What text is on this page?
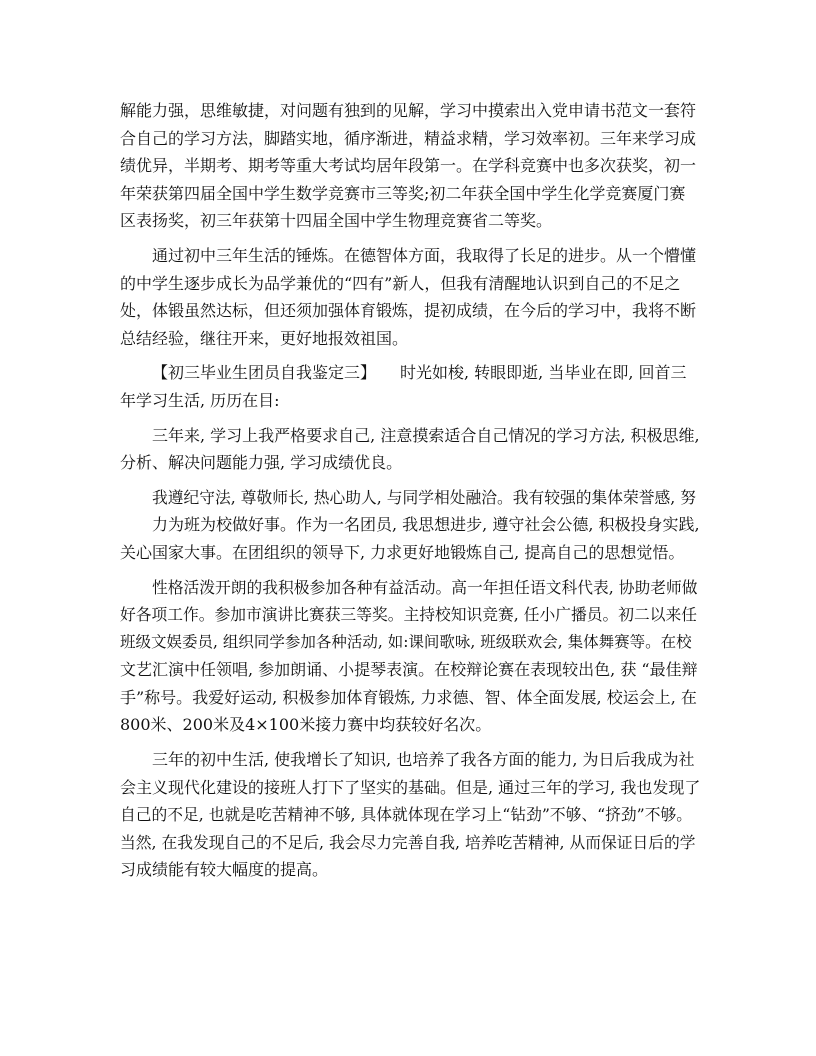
解能力强，思维敏捷，对问题有独到的见解，学习中摸索出入党申请书范文一套符
合自己的学习方法，脚踏实地，循序渐进，精益求精，学习效率初。三年来学习成
绩优异，半期考、期考等重大考试均居年段第一。在学科竞赛中也多次获奖，初一
年荣获第四届全国中学生数学竞赛市三等奖;初二年获全国中学生化学竞赛厦门赛
区表扬奖，初三年获第十四届全国中学生物理竞赛省二等奖。
通过初中三年生活的锤炼。在德智体方面，我取得了长足的进步。从一个懵懂
的中学生逐步成长为品学兼优的“四有”新人，但我有清醒地认识到自己的不足之
处，体锻虽然达标，但还须加强体育锻炼，提初成绩，在今后的学习中，我将不断
总结经验，继往开来，更好地报效祖国。
【初三毕业生团员自我鉴定三】　　时光如梭, 转眼即逝, 当毕业在即, 回首三
年学习生活, 历历在目:
三年来, 学习上我严格要求自己, 注意摸索适合自己情况的学习方法, 积极思维,
分析、解决问题能力强, 学习成绩优良。
我遵纪守法, 尊敬师长, 热心助人, 与同学相处融洽。我有较强的集体荣誉感, 努
力为班为校做好事。作为一名团员, 我思想进步, 遵守社会公德, 积极投身实践,
关心国家大事。在团组织的领导下, 力求更好地锻炼自己, 提高自己的思想觉悟。
性格活泼开朗的我积极参加各种有益活动。高一年担任语文科代表, 协助老师做
好各项工作。参加市演讲比赛获三等奖。主持校知识竞赛, 任小广播员。初二以来任
班级文娱委员, 组织同学参加各种活动, 如:课间歌咏, 班级联欢会, 集体舞赛等。在校
文艺汇演中任领唱, 参加朗诵、小提琴表演。在校辩论赛在表现较出色, 获 “最佳辩
手”称号。我爱好运动, 积极参加体育锻炼, 力求德、智、体全面发展, 校运会上, 在
800米、200米及4×100米接力赛中均获较好名次。
三年的初中生活, 使我增长了知识, 也培养了我各方面的能力, 为日后我成为社
会主义现代化建设的接班人打下了坚实的基础。但是, 通过三年的学习, 我也发现了
自己的不足, 也就是吃苦精神不够, 具体就体现在学习上“钻劲”不够、“挤劲”不够。
当然, 在我发现自己的不足后, 我会尽力完善自我, 培养吃苦精神, 从而保证日后的学
习成绩能有较大幅度的提高。
